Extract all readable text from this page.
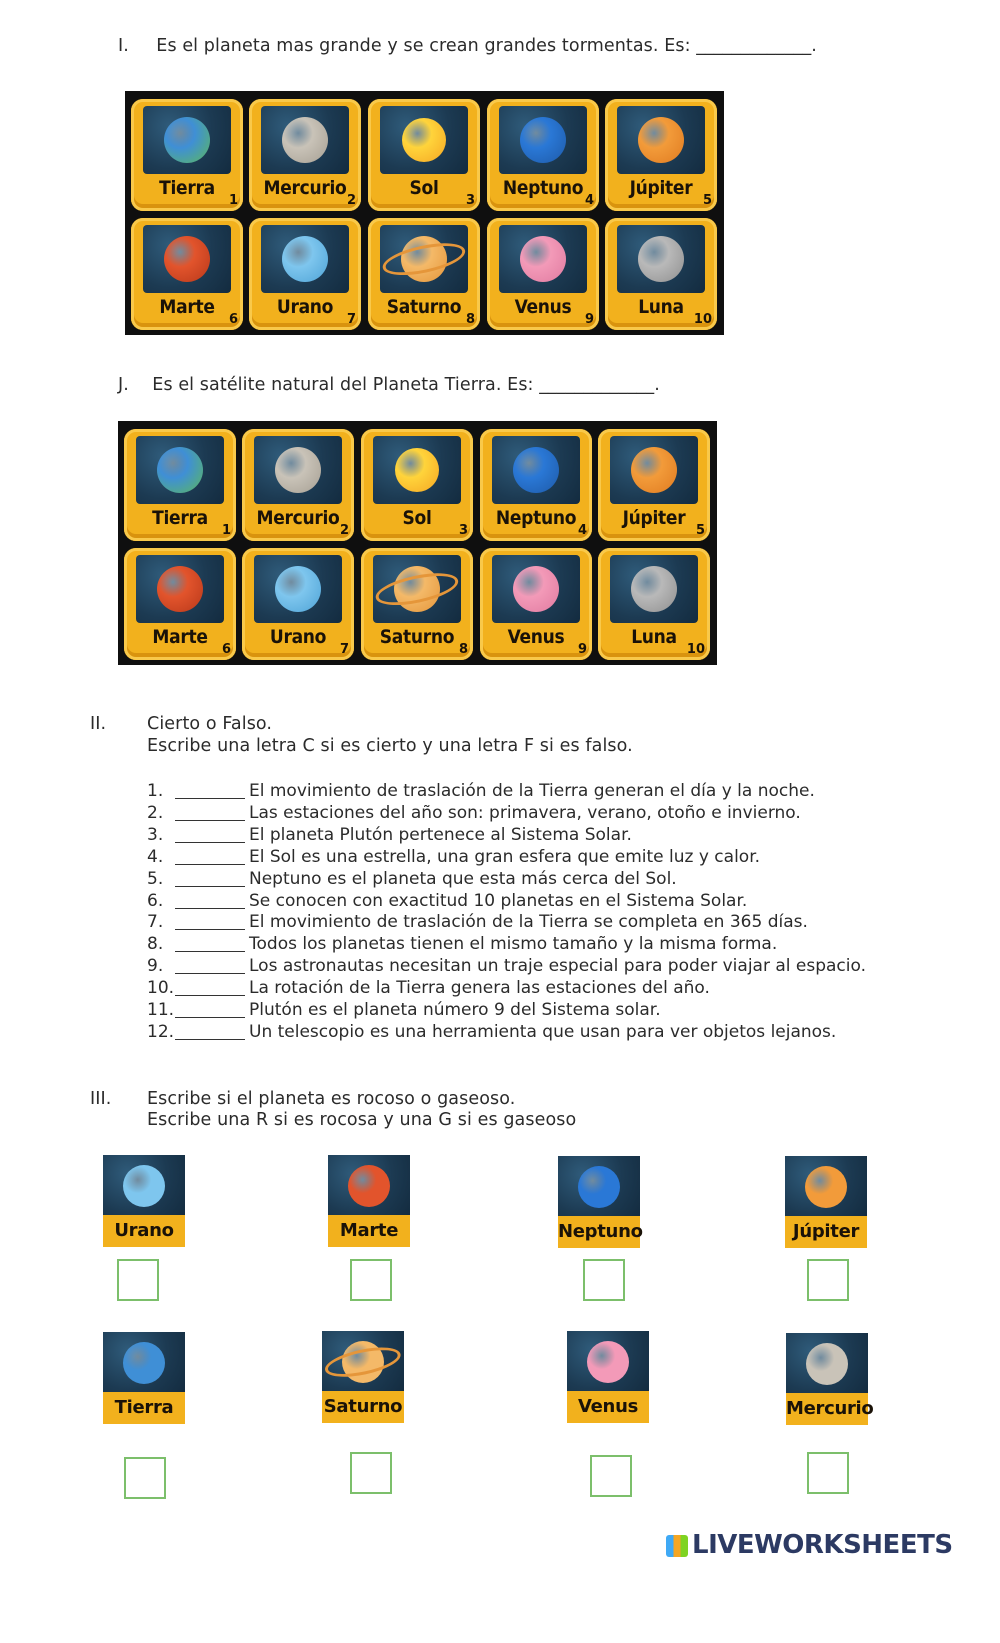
I. Es el planeta mas grande y se crean grandes tormentas. Es: _____________.
Tierra
1
Mercurio
2
Sol
3
Neptuno
4
Júpiter
5
Marte
6
Urano
7
Saturno
8
Venus
9
Luna
10
J. Es el satélite natural del Planeta Tierra. Es: _____________.
Tierra
1
Mercurio
2
Sol
3
Neptuno
4
Júpiter
5
Marte
6
Urano
7
Saturno
8
Venus
9
Luna
10
II. Cierto o Falso.
Escribe una letra C si es cierto y una letra F si es falso.
1.	El movimiento de traslación de la Tierra generan el día y la noche.
2.	Las estaciones del año son: primavera, verano, otoño e invierno.
3.	El planeta Plutón pertenece al Sistema Solar.
4.	El Sol es una estrella, una gran esfera que emite luz y calor.
5.	Neptuno es el planeta que esta más cerca del Sol.
6.	Se conocen con exactitud 10 planetas en el Sistema Solar.
7.	El movimiento de traslación de la Tierra se completa en 365 días.
8.	Todos los planetas tienen el mismo tamaño y la misma forma.
9.	Los astronautas necesitan un traje especial para poder viajar al espacio.
10.	La rotación de la Tierra genera las estaciones del año.
11.	Plutón es el planeta número 9 del Sistema solar.
12.	Un telescopio es una herramienta que usan para ver objetos lejanos.
III. Escribe si el planeta es rocoso o gaseoso.
Escribe una R si es rocosa y una G si es gaseoso
Urano	Marte	Neptuno	Júpiter
Tierra	Saturno	Venus	Mercurio
LIVEWORKSHEETS
